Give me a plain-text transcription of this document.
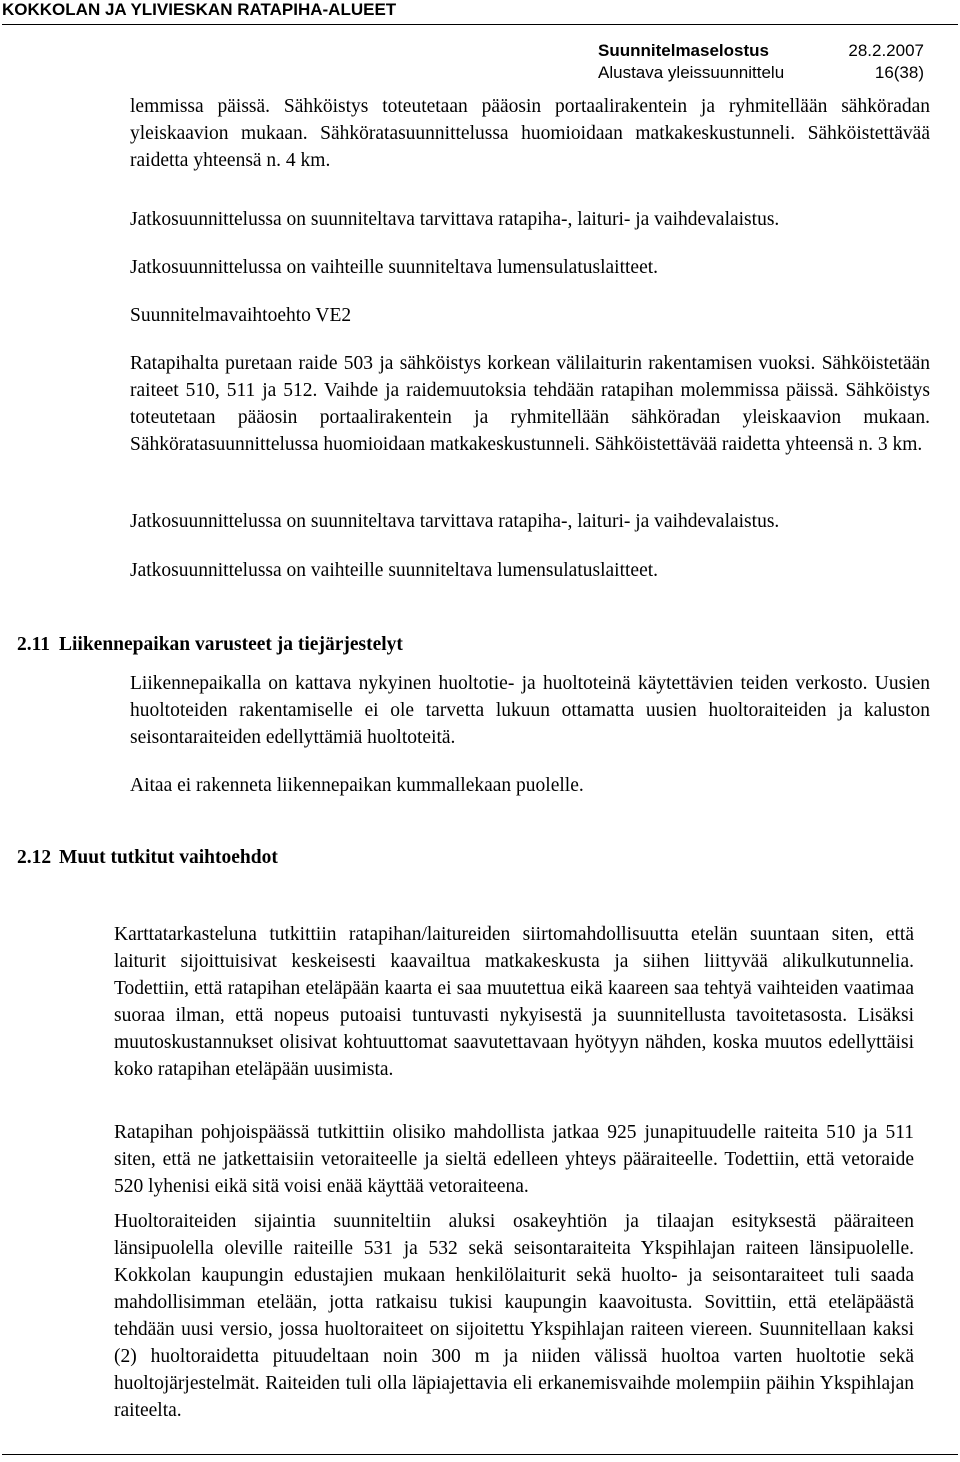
KOKKOLAN JA YLIVIESKAN RATAPIHA-ALUEET
Suunnitelmaselostus	28.2.2007
Alustava yleissuunnittelu	16(38)

lemmissa päissä. Sähköistys toteutetaan pääosin portaalirakentein ja ryhmitellään sähköradan yleiskaavion mukaan. Sähköratasuunnittelussa huomioidaan matkakeskustunneli. Sähköistettävää raidetta yhteensä n. 4 km.

Jatkosuunnittelussa on suunniteltava tarvittava ratapiha-, laituri- ja vaihdevalaistus.

Jatkosuunnittelussa on vaihteille suunniteltava lumensulatuslaitteet.

Suunnitelmavaihtoehto VE2

Ratapihalta puretaan raide 503 ja sähköistys korkean välilaiturin rakentamisen vuoksi. Sähköistetään raiteet 510, 511 ja 512. Vaihde ja raidemuutoksia tehdään ratapihan molemmissa päissä. Sähköistys toteutetaan pääosin portaalirakentein ja ryhmitellään sähköradan yleiskaavion mukaan. Sähköratasuunnittelussa huomioidaan matkakeskustunneli. Sähköistettävää raidetta yhteensä n. 3 km.

Jatkosuunnittelussa on suunniteltava tarvittava ratapiha-, laituri- ja vaihdevalaistus.

Jatkosuunnittelussa on vaihteille suunniteltava lumensulatuslaitteet.

2.11 Liikennepaikan varusteet ja tiejärjestelyt

Liikennepaikalla on kattava nykyinen huoltotie- ja huoltoteinä käytettävien teiden verkosto. Uusien huoltoteiden rakentamiselle ei ole tarvetta lukuun ottamatta uusien huoltoraiteiden ja kaluston seisontaraiteiden edellyttämiä huoltoteitä.

Aitaa ei rakenneta liikennepaikan kummallekaan puolelle.

2.12 Muut tutkitut vaihtoehdot

Karttatarkasteluna tutkittiin ratapihan/laitureiden siirtomahdollisuutta etelän suuntaan siten, että laiturit sijoittuisivat keskeisesti kaavailtua matkakeskusta ja siihen liittyvää alikulkutunnelia. Todettiin, että ratapihan eteläpään kaarta ei saa muutettua eikä kaareen saa tehtyä vaihteiden vaatimaa suoraa ilman, että nopeus putoaisi tuntuvasti nykyisestä ja suunnitellusta tavoitetasosta. Lisäksi muutoskustannukset olisivat kohtuuttomat saavutettavaan hyötyyn nähden, koska muutos edellyttäisi koko ratapihan eteläpään uusimista.

Ratapihan pohjoispäässä tutkittiin olisiko mahdollista jatkaa 925 junapituudelle raiteita 510 ja 511 siten, että ne jatkettaisiin vetoraiteelle ja sieltä edelleen yhteys pääraiteelle. Todettiin, että vetoraide 520 lyhenisi eikä sitä voisi enää käyttää vetoraiteena.

Huoltoraiteiden sijaintia suunniteltiin aluksi osakeyhtiön ja tilaajan esityksestä pääraiteen länsipuolella oleville raiteille 531 ja 532 sekä seisontaraiteita Ykspihlajan raiteen länsipuolelle. Kokkolan kaupungin edustajien mukaan henkilölaiturit sekä huolto- ja seisontaraiteet tuli saada mahdollisimman etelään, jotta ratkaisu tukisi kaupungin kaavoitusta. Sovittiin, että eteläpäästä tehdään uusi versio, jossa huoltoraiteet on sijoitettu Ykspihlajan raiteen viereen. Suunnitellaan kaksi (2) huoltoraidetta pituudeltaan noin 300 m ja niiden välissä huoltoa varten huoltotie sekä huoltojärjestelmät. Raiteiden tuli olla läpiajettavia eli erkanemisvaihde molempiin päihin Ykspihlajan raiteelta.
